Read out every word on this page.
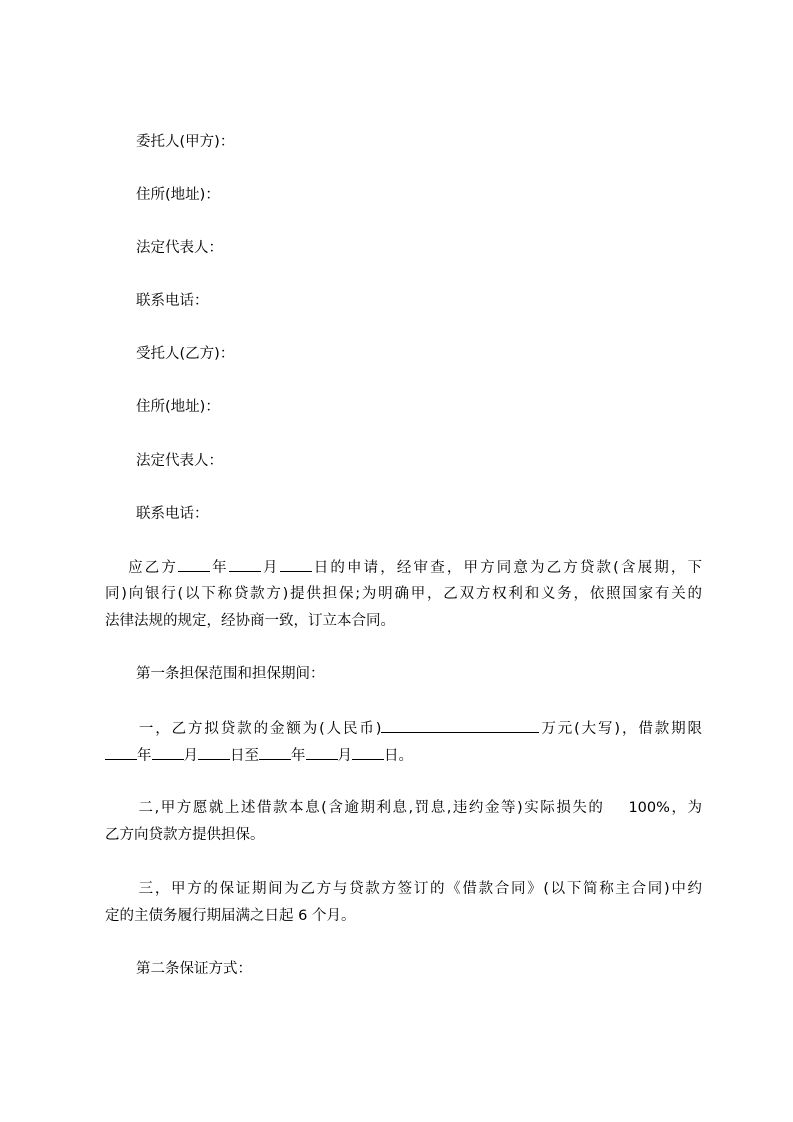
委托人(甲方)：
住所(地址)：
法定代表人：
联系电话：
受托人(乙方)：
住所(地址)：
法定代表人：
联系电话：
应乙方 年 月 日的申请，经审查，甲方同意为乙方贷款(含展期，下
同)向银行(以下称贷款方)提供担保;为明确甲，乙双方权利和义务，依照国家有关的
法律法规的规定，经协商一致，订立本合同。
第一条担保范围和担保期间：
一，乙方拟贷款的金额为(人民币)	万元(大写)，借款期限
年 月 日至 年 月 日。
二,甲方愿就上述借款本息(含逾期利息,罚息,违约金等)实际损失的 100%，为
乙方向贷款方提供担保。
三，甲方的保证期间为乙方与贷款方签订的《借款合同》(以下简称主合同)中约
定的主债务履行期届满之日起 6 个月。
第二条保证方式：
